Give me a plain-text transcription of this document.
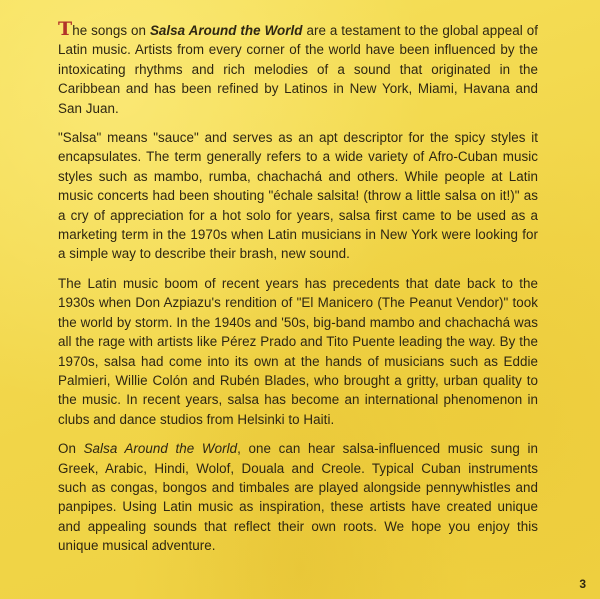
The songs on Salsa Around the World are a testament to the global appeal of Latin music. Artists from every corner of the world have been influenced by the intoxicating rhythms and rich melodies of a sound that originated in the Caribbean and has been refined by Latinos in New York, Miami, Havana and San Juan.

"Salsa" means "sauce" and serves as an apt descriptor for the spicy styles it encapsulates. The term generally refers to a wide variety of Afro-Cuban music styles such as mambo, rumba, chachachá and others. While people at Latin music concerts had been shouting "échale salsita! (throw a little salsa on it!)" as a cry of appreciation for a hot solo for years, salsa first came to be used as a marketing term in the 1970s when Latin musicians in New York were looking for a simple way to describe their brash, new sound.

The Latin music boom of recent years has precedents that date back to the 1930s when Don Azpiazu's rendition of "El Manicero (The Peanut Vendor)" took the world by storm. In the 1940s and '50s, big-band mambo and chachachá was all the rage with artists like Pérez Prado and Tito Puente leading the way. By the 1970s, salsa had come into its own at the hands of musicians such as Eddie Palmieri, Willie Colón and Rubén Blades, who brought a gritty, urban quality to the music. In recent years, salsa has become an international phenomenon in clubs and dance studios from Helsinki to Haiti.

On Salsa Around the World, one can hear salsa-influenced music sung in Greek, Arabic, Hindi, Wolof, Douala and Creole. Typical Cuban instruments such as congas, bongos and timbales are played alongside pennywhistles and panpipes. Using Latin music as inspiration, these artists have created unique and appealing sounds that reflect their own roots. We hope you enjoy this unique musical adventure.

3
